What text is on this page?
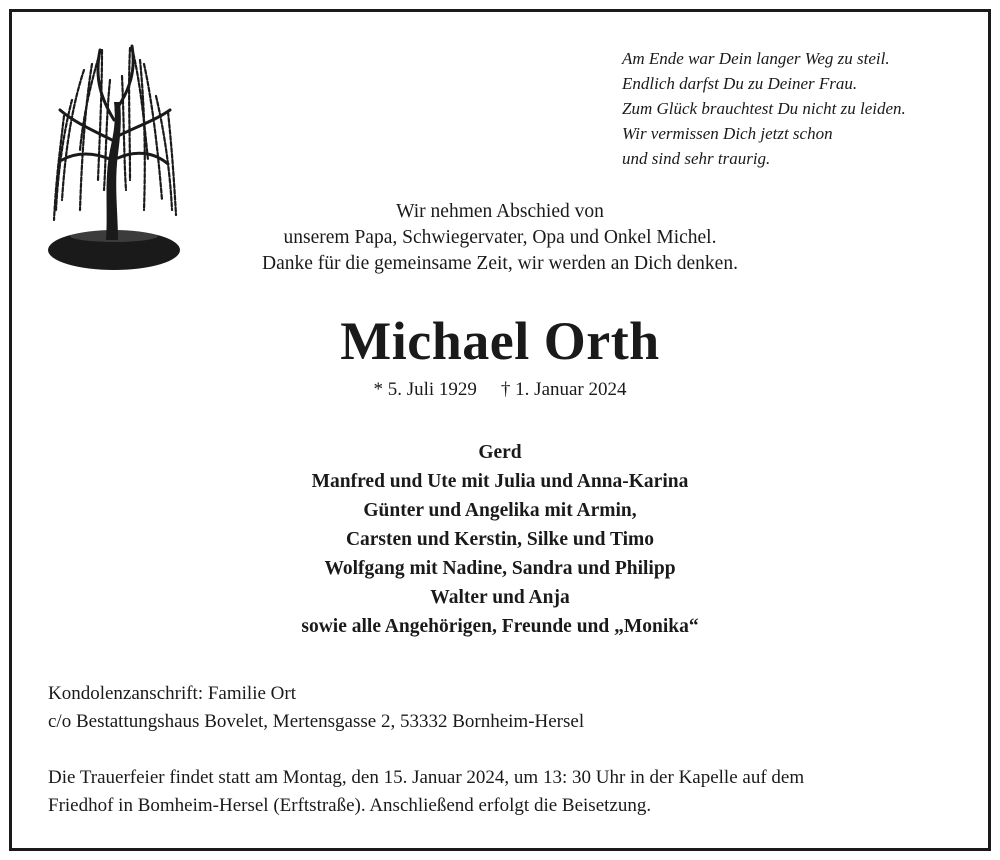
Am Ende war Dein langer Weg zu steil.
Endlich darfst Du zu Deiner Frau.
Zum Glück brauchtest Du nicht zu leiden.
Wir vermissen Dich jetzt schon
und sind sehr traurig.
Wir nehmen Abschied von
unserem Papa, Schwiegervater, Opa und Onkel Michel.
Danke für die gemeinsame Zeit, wir werden an Dich denken.
Michael Orth
* 5. Juli 1929 † 1. Januar 2024
Gerd
Manfred und Ute mit Julia und Anna-Karina
Günter und Angelika mit Armin,
Carsten und Kerstin, Silke und Timo
Wolfgang mit Nadine, Sandra und Philipp
Walter und Anja
sowie alle Angehörigen, Freunde und „Monika“
Kondolenzanschrift: Familie Ort
c/o Bestattungshaus Bovelet, Mertensgasse 2, 53332 Bornheim-Hersel
Die Trauerfeier findet statt am Montag, den 15. Januar 2024, um 13: 30 Uhr in der Kapelle auf dem
Friedhof in Bomheim-Hersel (Erftstraße). Anschließend erfolgt die Beisetzung.
